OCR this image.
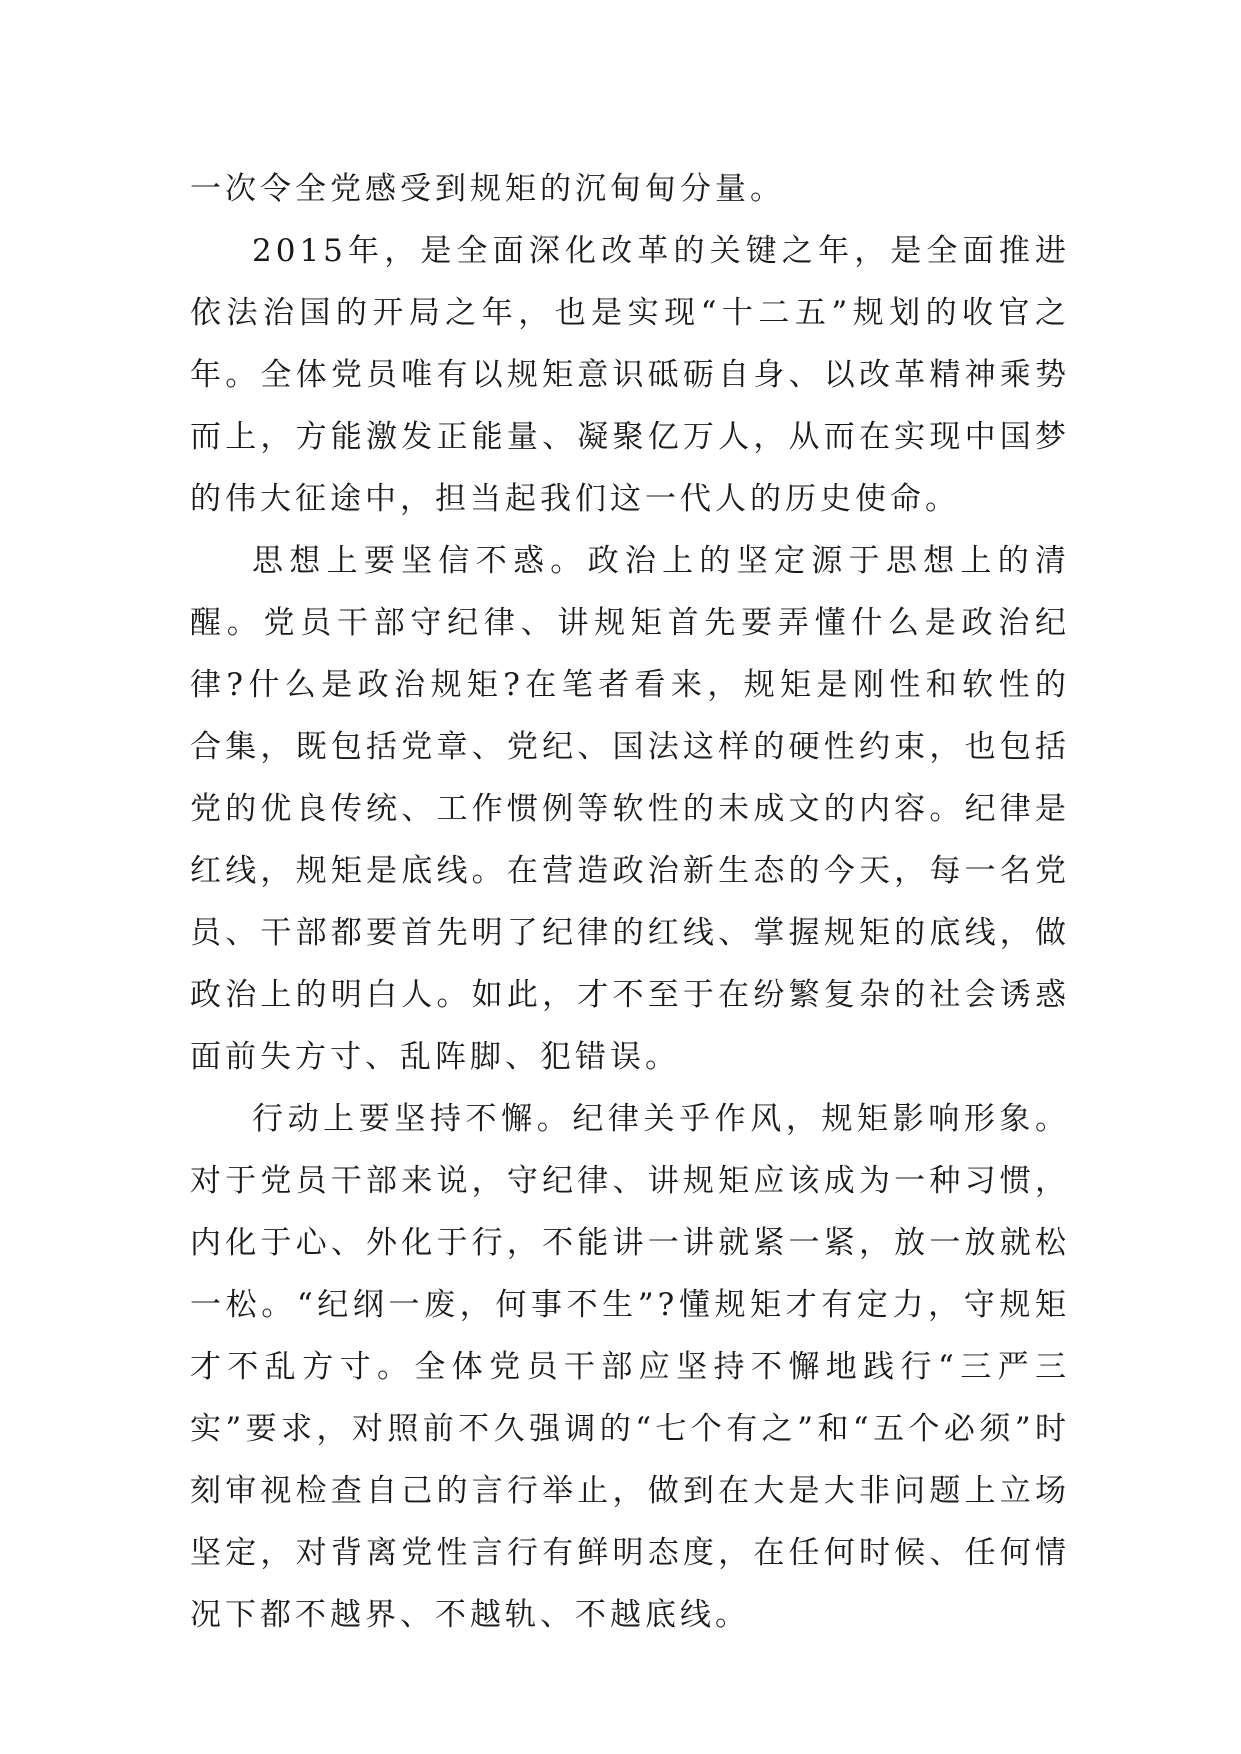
一次令全党感受到规矩的沉甸甸分量。

2015年，是全面深化改革的关键之年，是全面推进依法治国的开局之年，也是实现“十二五”规划的收官之年。全体党员唯有以规矩意识砥砺自身、以改革精神乘势而上，方能激发正能量、凝聚亿万人，从而在实现中国梦的伟大征途中，担当起我们这一代人的历史使命。

思想上要坚信不惑。政治上的坚定源于思想上的清醒。党员干部守纪律、讲规矩首先要弄懂什么是政治纪律?什么是政治规矩?在笔者看来，规矩是刚性和软性的合集，既包括党章、党纪、国法这样的硬性约束，也包括党的优良传统、工作惯例等软性的未成文的内容。纪律是红线，规矩是底线。在营造政治新生态的今天，每一名党员、干部都要首先明了纪律的红线、掌握规矩的底线，做政治上的明白人。如此，才不至于在纷繁复杂的社会诱惑面前失方寸、乱阵脚、犯错误。

行动上要坚持不懈。纪律关乎作风，规矩影响形象。对于党员干部来说，守纪律、讲规矩应该成为一种习惯，内化于心、外化于行，不能讲一讲就紧一紧，放一放就松一松。“纪纲一废，何事不生”?懂规矩才有定力，守规矩才不乱方寸。全体党员干部应坚持不懈地践行“三严三实”要求，对照前不久强调的“七个有之”和“五个必须”时刻审视检查自己的言行举止，做到在大是大非问题上立场坚定，对背离党性言行有鲜明态度，在任何时候、任何情况下都不越界、不越轨、不越底线。
